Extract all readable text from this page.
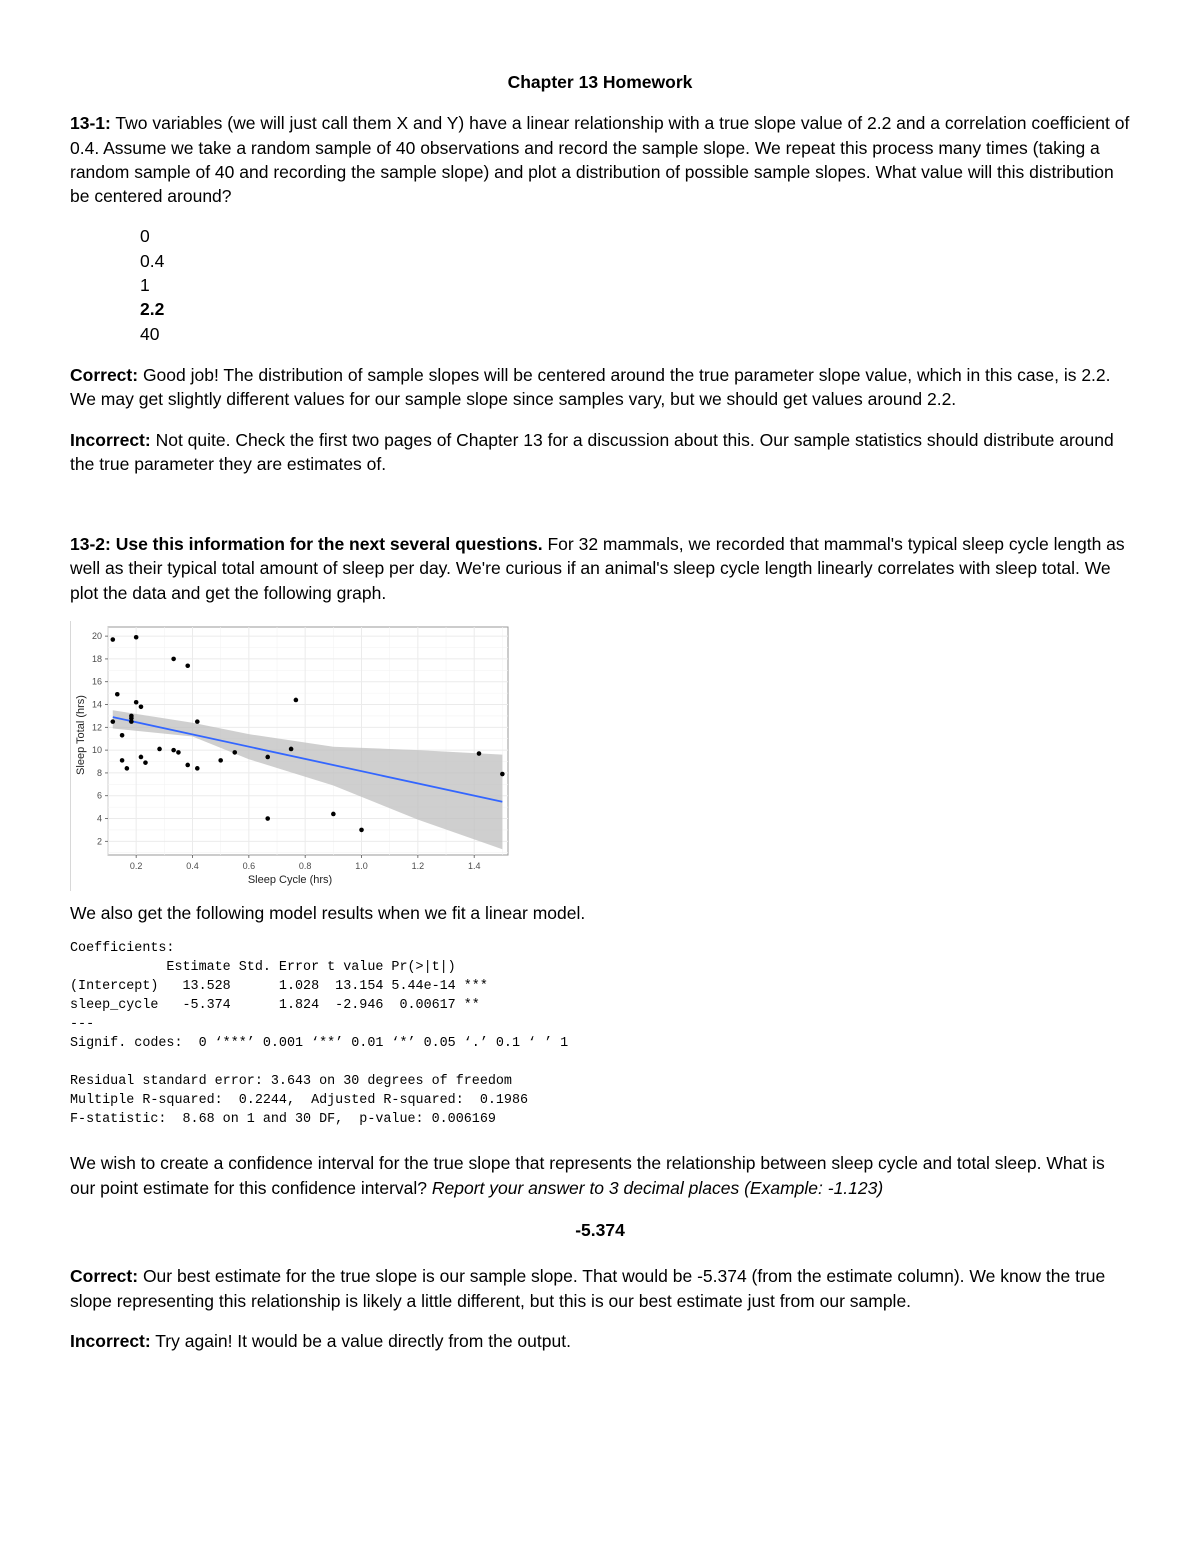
Chapter 13 Homework

13-1: Two variables (we will just call them X and Y) have a linear relationship with a true slope value of 2.2 and a correlation coefficient of 0.4. Assume we take a random sample of 40 observations and record the sample slope. We repeat this process many times (taking a random sample of 40 and recording the sample slope) and plot a distribution of possible sample slopes. What value will this distribution be centered around?

0
0.4
1
2.2
40

Correct: Good job! The distribution of sample slopes will be centered around the true parameter slope value, which in this case, is 2.2. We may get slightly different values for our sample slope since samples vary, but we should get values around 2.2.

Incorrect: Not quite. Check the first two pages of Chapter 13 for a discussion about this. Our sample statistics should distribute around the true parameter they are estimates of.

13-2: Use this information for the next several questions. For 32 mammals, we recorded that mammal's typical sleep cycle length as well as their typical total amount of sleep per day. We're curious if an animal's sleep cycle length linearly correlates with sleep total. We plot the data and get the following graph.

0.2	0.4	0.6	0.8	1.0	1.2	1.4
2
4
6
8
10
12
14
16
18
20
Sleep Cycle (hrs)
Sleep Total (hrs)

We also get the following model results when we fit a linear model.

Coefficients:
Estimate Std. Error t value Pr(>|t|)
(Intercept)   13.528      1.028  13.154 5.44e-14 ***
sleep_cycle   -5.374      1.824  -2.946  0.00617 **
---
Signif. codes:  0 ‘***’ 0.001 ‘**’ 0.01 ‘*’ 0.05 ‘.’ 0.1 ‘ ’ 1

Residual standard error: 3.643 on 30 degrees of freedom
Multiple R-squared:  0.2244,  Adjusted R-squared:  0.1986
F-statistic:  8.68 on 1 and 30 DF,  p-value: 0.006169

We wish to create a confidence interval for the true slope that represents the relationship between sleep cycle and total sleep. What is our point estimate for this confidence interval? Report your answer to 3 decimal places (Example: -1.123)

-5.374

Correct: Our best estimate for the true slope is our sample slope. That would be -5.374 (from the estimate column). We know the true slope representing this relationship is likely a little different, but this is our best estimate just from our sample.

Incorrect: Try again! It would be a value directly from the output.
